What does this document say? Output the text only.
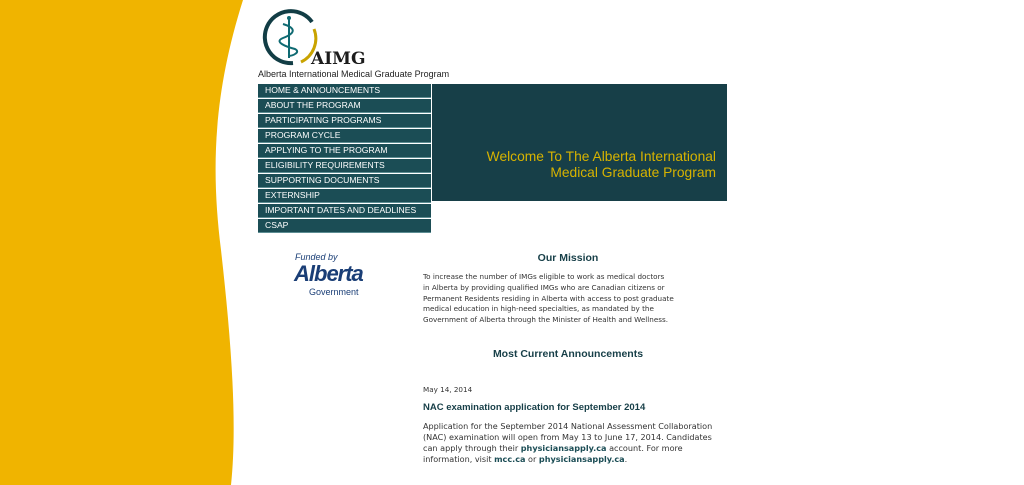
AIMG
Alberta International Medical Graduate Program
HOME & ANNOUNCEMENTS
ABOUT THE PROGRAM
PARTICIPATING PROGRAMS
PROGRAM CYCLE
APPLYING TO THE PROGRAM
ELIGIBILITY REQUIREMENTS
SUPPORTING DOCUMENTS
EXTERNSHIP
IMPORTANT DATES AND DEADLINES
CSAP
Welcome To The Alberta International
Medical Graduate Program
Funded by
Alberta
Government
Our Mission
To increase the number of IMGs eligible to work as medical doctors
in Alberta by providing qualified IMGs who are Canadian citizens or
Permanent Residents residing in Alberta with access to post graduate
medical education in high-need specialties, as mandated by the
Government of Alberta through the Minister of Health and Wellness.
Most Current Announcements
May 14, 2014
NAC examination application for September 2014
Application for the September 2014 National Assessment Collaboration (NAC) examination will open from May 13 to June 17, 2014. Candidates can apply through their physiciansapply.ca account. For more information, visit mcc.ca or physiciansapply.ca.
